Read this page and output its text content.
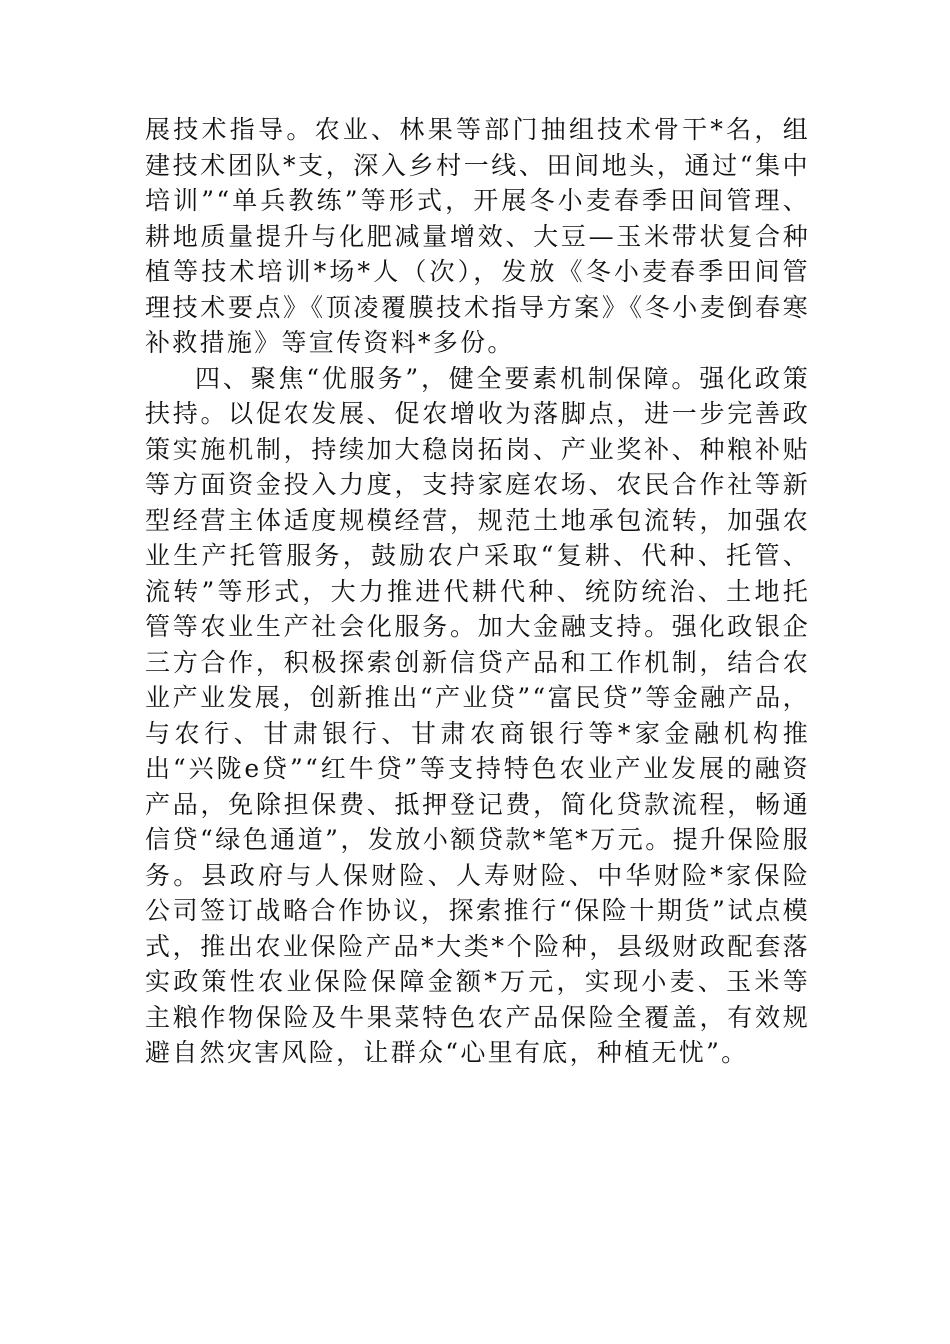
展技术指导。农业、林果等部门抽组技术骨干*名，组建技术团队*支，深入乡村一线、田间地头，通过“集中培训”“单兵教练”等形式，开展冬小麦春季田间管理、耕地质量提升与化肥减量增效、大豆—玉米带状复合种植等技术培训*场*人（次），发放《冬小麦春季田间管理技术要点》《顶凌覆膜技术指导方案》《冬小麦倒春寒补救措施》等宣传资料*多份。

四、聚焦“优服务”，健全要素机制保障。强化政策扶持。以促农发展、促农增收为落脚点，进一步完善政策实施机制，持续加大稳岗拓岗、产业奖补、种粮补贴等方面资金投入力度，支持家庭农场、农民合作社等新型经营主体适度规模经营，规范土地承包流转，加强农业生产托管服务，鼓励农户采取“复耕、代种、托管、流转”等形式，大力推进代耕代种、统防统治、土地托管等农业生产社会化服务。加大金融支持。强化政银企三方合作，积极探索创新信贷产品和工作机制，结合农业产业发展，创新推出“产业贷”“富民贷”等金融产品，与农行、甘肃银行、甘肃农商银行等*家金融机构推出“兴陇e贷”“红牛贷”等支持特色农业产业发展的融资产品，免除担保费、抵押登记费，简化贷款流程，畅通信贷“绿色通道”，发放小额贷款*笔*万元。提升保险服务。县政府与人保财险、人寿财险、中华财险*家保险公司签订战略合作协议，探索推行“保险十期货”试点模式，推出农业保险产品*大类*个险种，县级财政配套落实政策性农业保险保障金额*万元，实现小麦、玉米等主粮作物保险及牛果菜特色农产品保险全覆盖，有效规避自然灾害风险，让群众“心里有底，种植无忧”。
